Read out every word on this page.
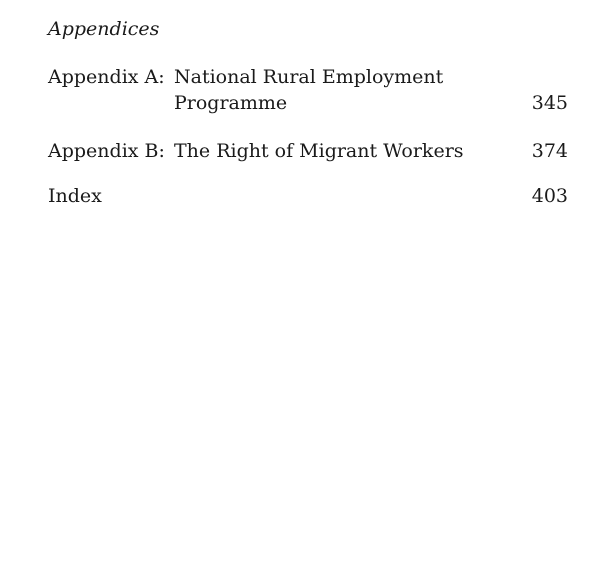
Appendices
Appendix A: National Rural Employment
Programme	345
Appendix B: The Right of Migrant Workers	374
Index	403
